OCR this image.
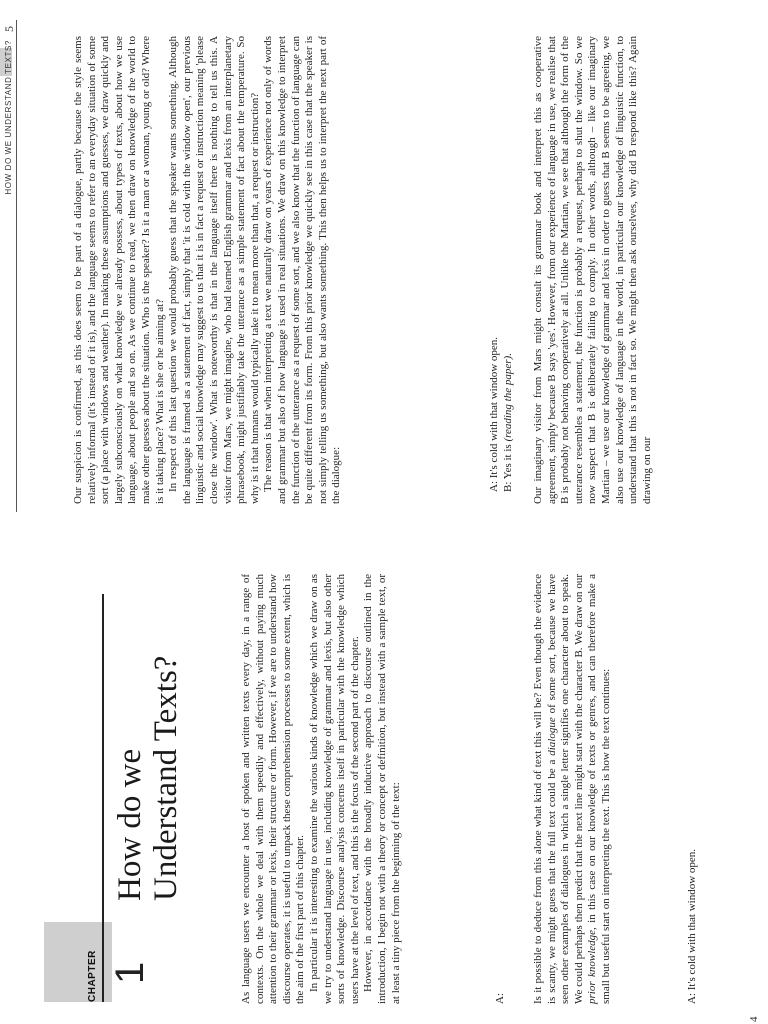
CHAPTER 1
How do we Understand Texts?	As language users we encounter a host of spoken and written texts every day, in a range of contexts. On the whole we deal with them speedily and effectively, without paying much attention to their grammar or lexis, their structure or form. However, if we are to understand how discourse operates, it is useful to unpack these comprehension processes to some extent, which is the aim of the first part of this chapter. In particular it is interesting to examine the various kinds of knowledge which we draw on as we try to understand language in use, including knowledge of grammar and lexis, but also other sorts of knowledge. Discourse analysis concerns itself in particular with the knowledge which users have at the level of text, and this is the focus of the second part of the chapter. However, in accordance with the broadly inductive approach to discourse outlined in the introduction, I begin not with a theory or concept or definition, but instead with a sample text, or at least a tiny piece from the beginning of the text:	A: Is it possible to deduce from this alone what kind of text this will be? Even though the evidence is scanty, we might guess that the full text could be a dialogue of some sort, because we have seen other examples of dialogues in which a single letter signifies one character about to speak. We could perhaps then predict that the next line might start with the character B. We draw on our prior knowledge, in this case on our knowledge of texts or genres, and can therefore make a small but useful start on interpreting the text. This is how the text continues:	A: It's cold with that window open.

4
HOW DO WE UNDERSTAND TEXTS?
5

Our suspicion is confirmed, as this does seem to be part of a dialogue, partly because the style seems relatively informal (it's instead of it is), and the language seems to refer to an everyday situation of some sort (a place with windows and weather). In making these assumptions and guesses, we draw quickly and largely subconsciously on what knowledge we already possess, about types of texts, about how we use language, about people and so on. As we continue to read, we then draw on knowledge of the world to make other guesses about the situation. Who is the speaker? Is it a man or a woman, young or old? Where is it taking place? What is she or he aiming at? In respect of this last question we would probably guess that the speaker wants something. Although the language is framed as a statement of fact, simply that 'it is cold with the window open', our previous linguistic and social knowledge may suggest to us that it is in fact a request or instruction meaning 'please close the window'. What is noteworthy is that in the language itself there is nothing to tell us this. A visitor from Mars, we might imagine, who had learned English grammar and lexis from an interplanetary phrasebook, might justifiably take the utterance as a simple statement of fact about the temperature. So why is it that humans would typically take it to mean more than that, a request or instruction? The reason is that when interpreting a text we naturally draw on years of experience not only of words and grammar but also of how language is used in real situations. We draw on this knowledge to interpret the function of the utterance as a request of some sort, and we also know that the function of language can be quite different from its form. From this prior knowledge we quickly see in this case that the speaker is not simply telling us something, but also wants something. This then helps us to interpret the next part of the dialogue:	A: It's cold with that window open. B: Yes it is (reading the paper). Our imaginary visitor from Mars might consult its grammar book and interpret this as cooperative agreement, simply because B says 'yes'. However, from our experience of language in use, we realise that B is probably not behaving cooperatively at all. Unlike the Martian, we see that although the form of the utterance resembles a statement, the function is probably a request, perhaps to shut the window. So we now suspect that B is deliberately failing to comply. In other words, although – like our imaginary Martian – we use our knowledge of grammar and lexis in order to guess that B seems to be agreeing, we also use our knowledge of language in the world, in particular our knowledge of linguistic function, to understand that this is not in fact so. We might then ask ourselves, why did B respond like this? Again drawing on our
